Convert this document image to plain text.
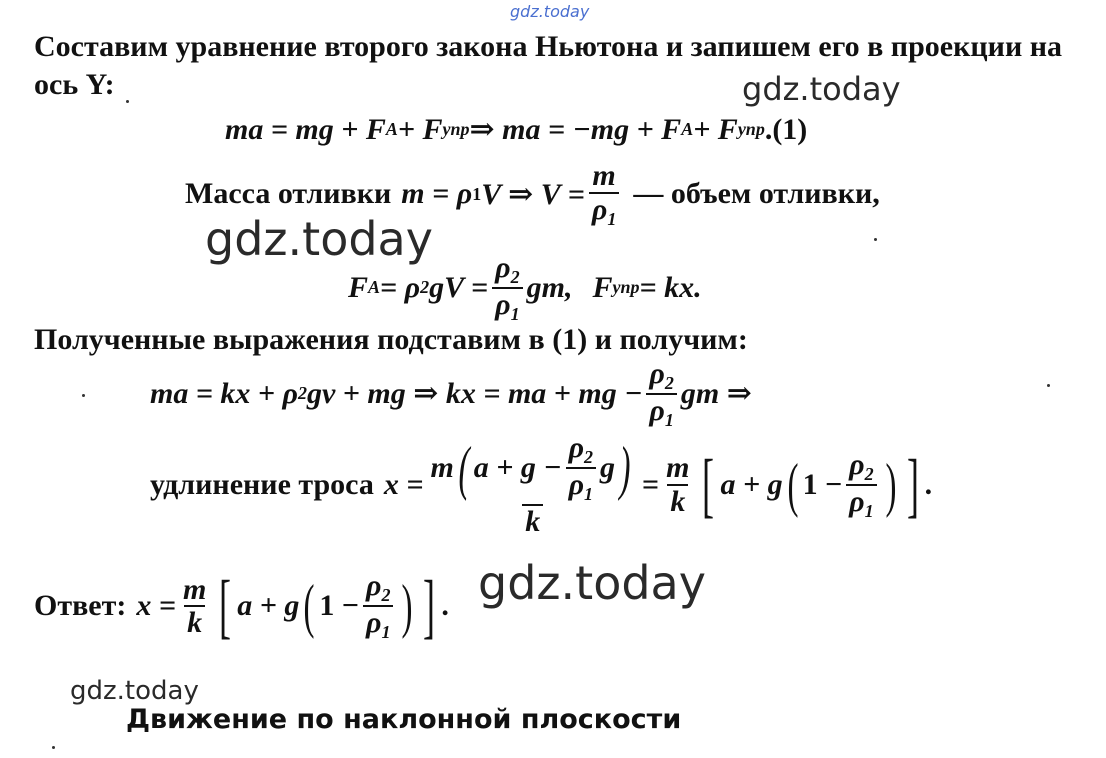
gdz.today
gdz.today
gdz.today
gdz.today
gdz.today
Составим уравнение второго закона Ньютона и запишем его в проекции на
ось Y:
ma = mg + F A + F упр ⇒ ma = −mg + F A + F упр .(1)
Масса отливки m = ρ 1 V ⇒ $V = \frac{m}{\rho_1}$ — объем отливки,
F A = ρ 2 gV = $\frac{\rho_2}{\rho_1}$ gm, F упр = kx.
Полученные выражения подставим в (1) и получим:
ma = kx + ρ 2 gv + mg ⇒ kx = ma + mg − $\frac{\rho_2}{\rho_1}$ gm ⇒
удлинение троса $x = \frac{m ( a + g - \frac{\rho_2}{\rho_1} g )}{k} = \frac{m}{k}$ [ a + g ( $1 - \frac{\rho_2}{\rho_1}$ ) ] .
Ответ: $x = \frac{m}{k}$ [ a + g ( $1 - \frac{\rho_2}{\rho_1}$ ) ] .
Движение по наклонной плоскости
